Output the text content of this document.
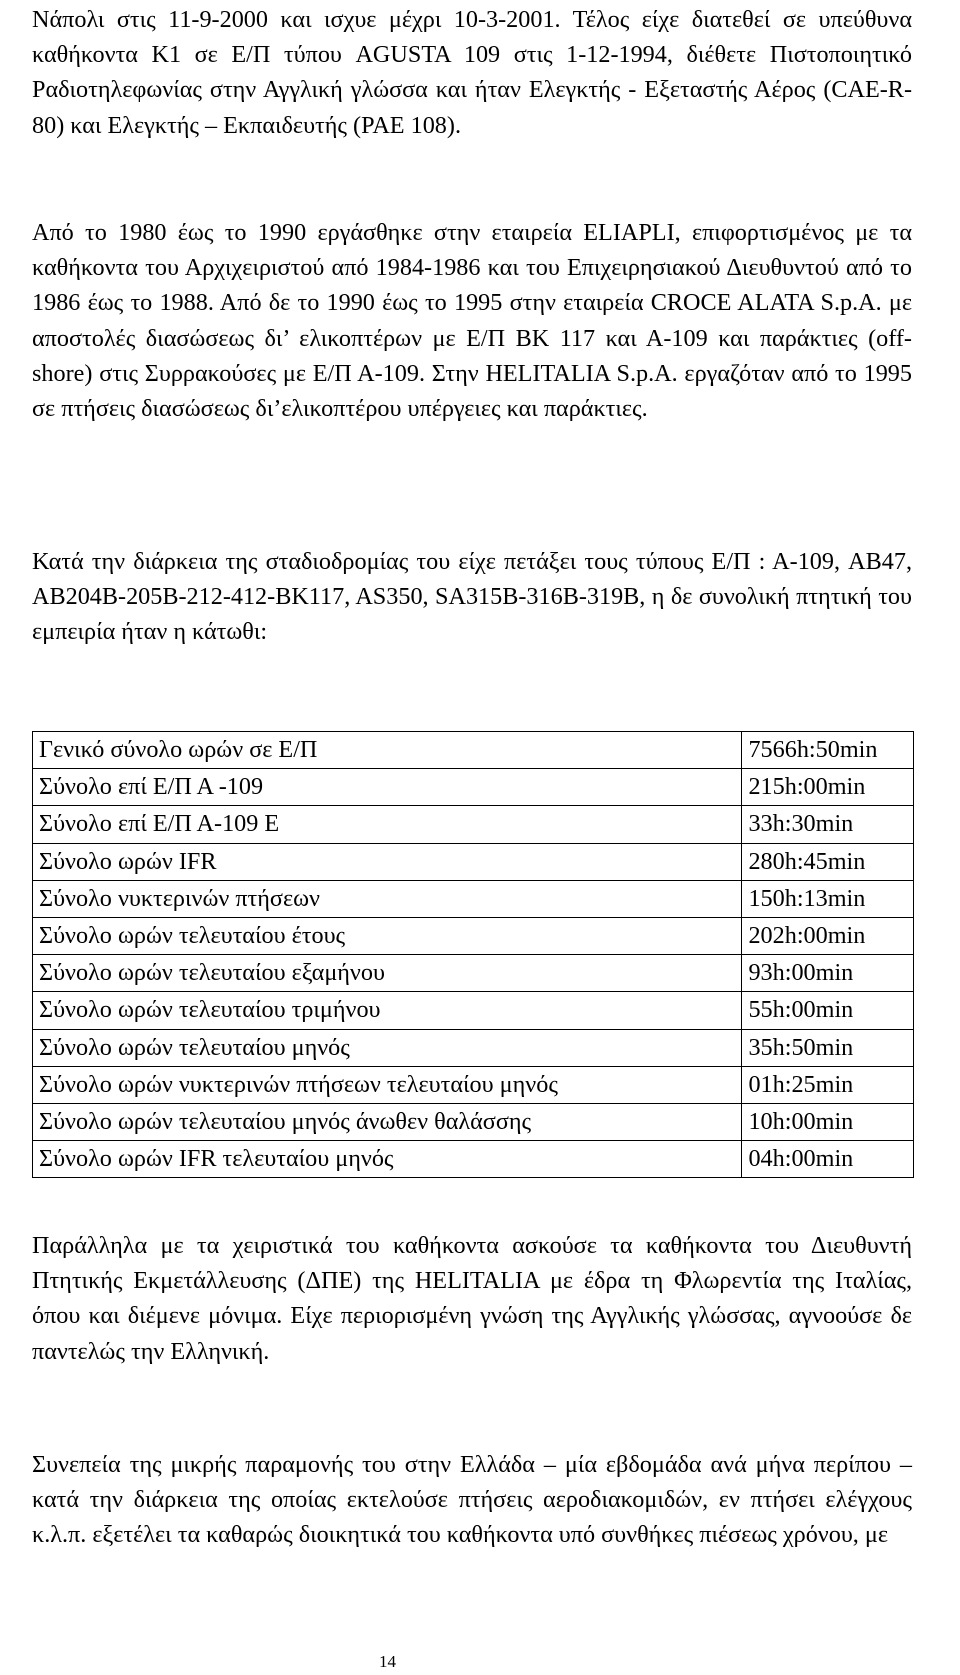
Νάπολι στις 11-9-2000 και ισχυε μέχρι 10-3-2001. Τέλος είχε διατεθεί σε υπεύθυνα καθήκοντα Κ1 σε Ε/Π τύπου AGUSTA 109 στις 1-12-1994, διέθετε Πιστοποιητικό Ραδιοτηλεφωνίας στην Αγγλική γλώσσα και ήταν Ελεγκτής - Εξεταστής Αέρος (CAE-R-80) και Ελεγκτής – Εκπαιδευτής (PAE 108).

Από το 1980 έως το 1990 εργάσθηκε στην εταιρεία ELIAPLI, επιφορτισμένος με τα καθήκοντα του Αρχιχειριστού από 1984-1986 και του Επιχειρησιακού Διευθυντού από το 1986 έως το 1988. Από δε το 1990 έως το 1995 στην εταιρεία CROCE ALATA S.p.A. με αποστολές διασώσεως δι’ ελικοπτέρων με Ε/Π ΒΚ 117 και Α-109 και παράκτιες (off-shore) στις Συρρακούσες με Ε/Π Α-109. Στην HELITALIA S.p.A. εργαζόταν από το 1995 σε πτήσεις διασώσεως δι’ελικοπτέρου υπέργειες και παράκτιες.

Κατά την διάρκεια της σταδιοδρομίας του είχε πετάξει τους τύπους Ε/Π : Α-109, AB47, AB204B-205B-212-412-BK117, AS350, SA315B-316B-319B, η δε συνολική πτητική του εμπειρία ήταν η κάτωθι:

Γενικό σύνολο ωρών σε Ε/Π	7566h:50min
Σύνολο επί Ε/Π Α -109	215h:00min
Σύνολο επί Ε/Π Α-109 Ε	33h:30min
Σύνολο ωρών IFR	280h:45min
Σύνολο νυκτερινών πτήσεων	150h:13min
Σύνολο ωρών τελευταίου έτους	202h:00min
Σύνολο ωρών τελευταίου εξαμήνου	93h:00min
Σύνολο ωρών τελευταίου τριμήνου	55h:00min
Σύνολο ωρών τελευταίου μηνός	35h:50min
Σύνολο ωρών νυκτερινών πτήσεων τελευταίου μηνός	01h:25min
Σύνολο ωρών τελευταίου μηνός άνωθεν θαλάσσης	10h:00min
Σύνολο ωρών IFR τελευταίου μηνός	04h:00min

Παράλληλα με τα χειριστικά του καθήκοντα ασκούσε τα καθήκοντα του Διευθυντή Πτητικής Εκμετάλλευσης (ΔΠΕ) της HELITALIA με έδρα τη Φλωρεντία της Ιταλίας, όπου και διέμενε μόνιμα. Είχε περιορισμένη γνώση της Αγγλικής γλώσσας, αγνοούσε δε παντελώς την Ελληνική.

Συνεπεία της μικρής παραμονής του στην Ελλάδα – μία εβδομάδα ανά μήνα περίπου – κατά την διάρκεια της οποίας εκτελούσε πτήσεις αεροδιακομιδών, εν πτήσει ελέγχους κ.λ.π. εξετέλει τα καθαρώς διοικητικά του καθήκοντα υπό συνθήκες πιέσεως χρόνου, με

14
